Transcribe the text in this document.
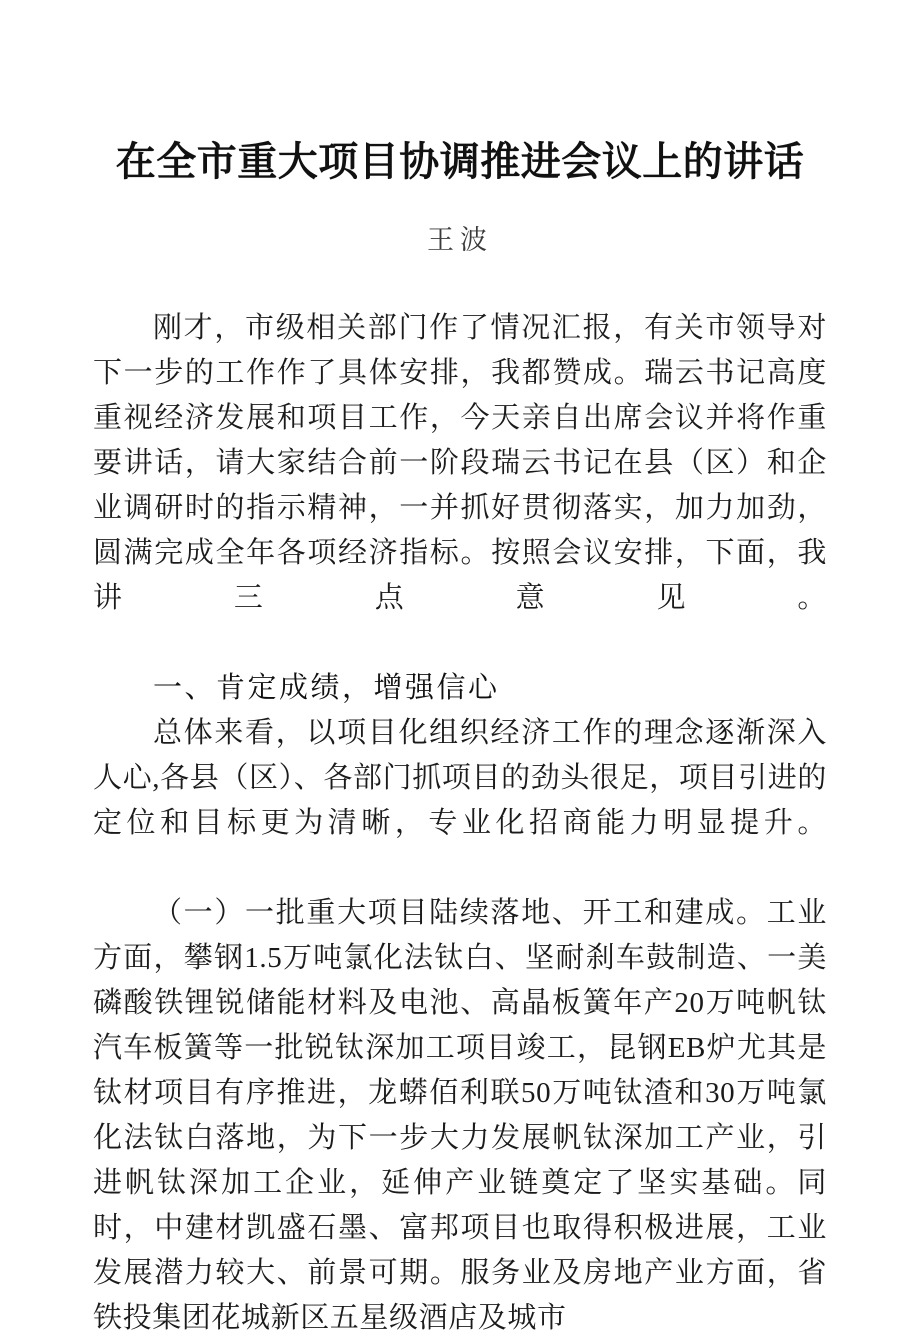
在全市重大项目协调推进会议上的讲话
王波

刚才，市级相关部门作了情况汇报，有关市领导对下一步的工作作了具体安排，我都赞成。瑞云书记高度重视经济发展和项目工作，今天亲自出席会议并将作重要讲话，请大家结合前一阶段瑞云书记在县（区）和企业调研时的指示精神，一并抓好贯彻落实，加力加劲，圆满完成全年各项经济指标。按照会议安排，下面，我讲三点意见。

一、肯定成绩，增强信心

总体来看，以项目化组织经济工作的理念逐渐深入人心,各县（区）、各部门抓项目的劲头很足，项目引进的定位和目标更为清晰，专业化招商能力明显提升。

（一）一批重大项目陆续落地、开工和建成。工业方面，攀钢1.5万吨氯化法钛白、坚耐刹车鼓制造、一美磷酸铁锂锐储能材料及电池、高晶板簧年产20万吨帆钛汽车板簧等一批锐钛深加工项目竣工，昆钢EB炉尤其是钛材项目有序推进，龙蟒佰利联50万吨钛渣和30万吨氯化法钛白落地，为下一步大力发展帆钛深加工产业，引进帆钛深加工企业，延伸产业链奠定了坚实基础。同时，中建材凯盛石墨、富邦项目也取得积极进展，工业发展潜力较大、前景可期。服务业及房地产业方面，省铁投集团花城新区五星级酒店及城市
